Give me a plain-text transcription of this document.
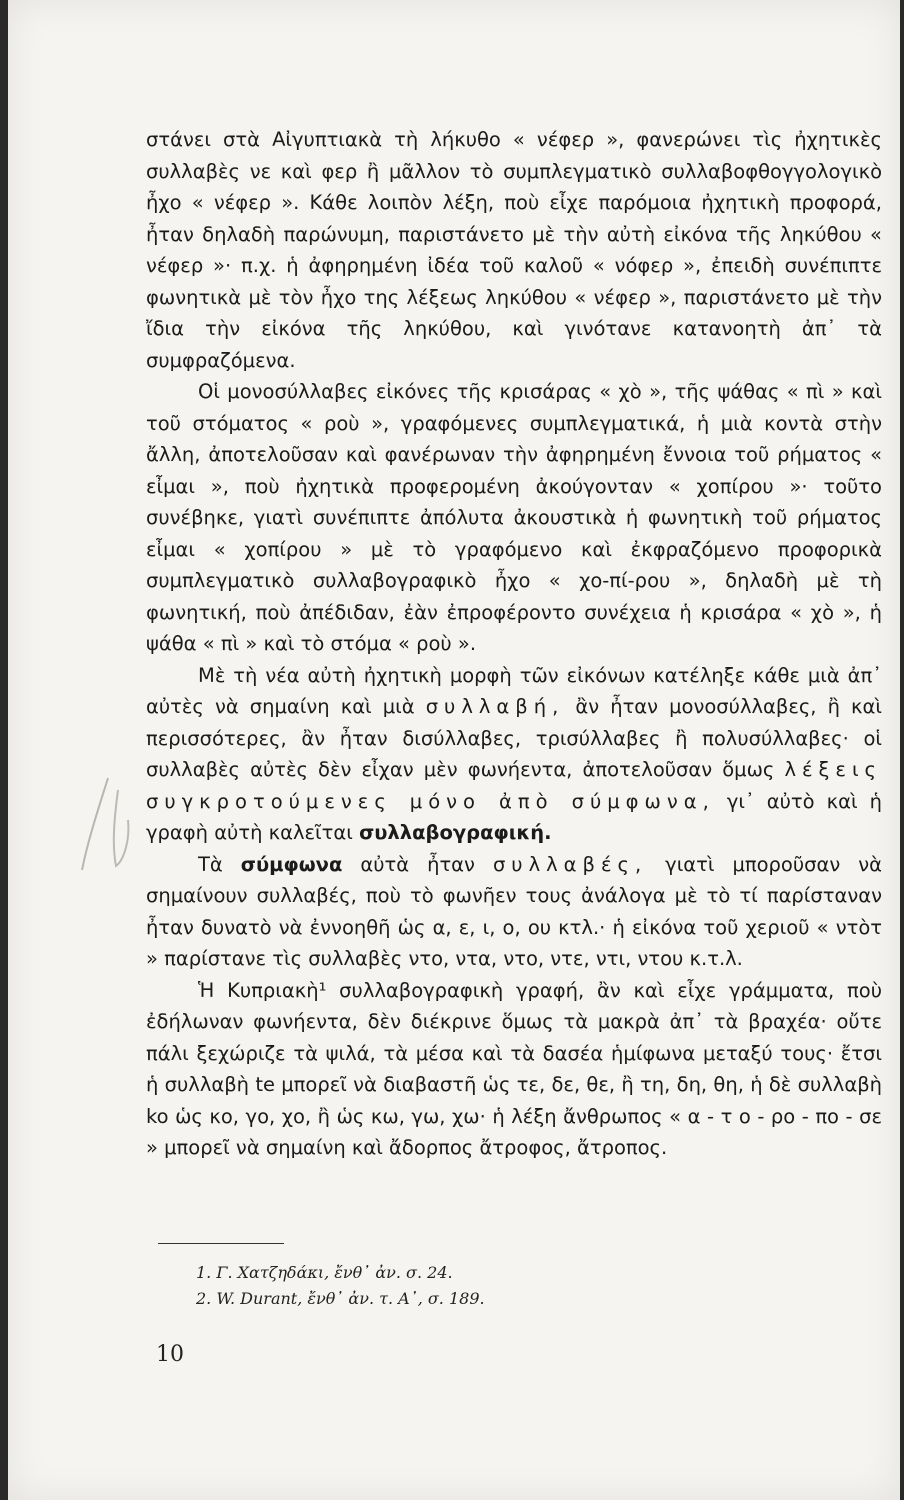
στάνει στὰ Αἰγυπτιακὰ τὴ λήκυθο « νέφερ », φανερώνει τὶς ἠχητικὲς συλλαβὲς νε καὶ φερ ἢ μᾶλλον τὸ συμπλεγματικὸ συλλαβοφθογγολογικὸ ἦχο « νέφερ ». Κάθε λοιπὸν λέξη, ποὺ εἶχε παρόμοια ἠχητικὴ προφορά, ἦταν δηλαδὴ παρώνυμη, παριστάνετο μὲ τὴν αὐτὴ εἰκόνα τῆς ληκύθου « νέφερ »· π.χ. ἡ ἀφηρημένη ἰδέα τοῦ καλοῦ « νόφερ », ἐπειδὴ συνέπιπτε φωνητικὰ μὲ τὸν ἦχο της λέξεως ληκύθου « νέφερ », παριστάνετο μὲ τὴν ἴδια τὴν εἰκόνα τῆς ληκύθου, καὶ γινότανε κατανοητὴ ἀπ᾽ τὰ συμφραζόμενα.

Οἱ μονοσύλλαβες εἰκόνες τῆς κρισάρας « χὸ », τῆς ψάθας « πὶ » καὶ τοῦ στόματος « ροὺ », γραφόμενες συμπλεγματικά, ἡ μιὰ κοντὰ στὴν ἄλλη, ἀποτελοῦσαν καὶ φανέρωναν τὴν ἀφηρημένη ἔννοια τοῦ ρήματος « εἶμαι », ποὺ ἠχητικὰ προφερομένη ἀκούγονταν « χοπίρου »· τοῦτο συνέβηκε, γιατὶ συνέπιπτε ἀπόλυτα ἀκουστικὰ ἡ φωνητικὴ τοῦ ρήματος εἶμαι « χοπίρου » μὲ τὸ γραφόμενο καὶ ἐκφραζόμενο προφορικὰ συμπλεγματικὸ συλλαβογραφικὸ ἦχο « χο-πί-ρου », δηλαδὴ μὲ τὴ φωνητική, ποὺ ἀπέδιδαν, ἐὰν ἐπροφέροντο συνέχεια ἡ κρισάρα « χὸ », ἡ ψάθα « πὶ » καὶ τὸ στόμα « ροὺ ».

Μὲ τὴ νέα αὐτὴ ἠχητικὴ μορφὴ τῶν εἰκόνων κατέληξε κάθε μιὰ ἀπ᾽ αὐτὲς νὰ σημαίνη καὶ μιὰ συλλαβή, ἂν ἦταν μονοσύλλαβες, ἢ καὶ περισσότερες, ἂν ἦταν δισύλλαβες, τρισύλλαβες ἢ πολυσύλλαβες· οἱ συλλαβὲς αὐτὲς δὲν εἶχαν μὲν φωνήεντα, ἀποτελοῦσαν ὅμως λέξεις συγκροτούμενες μόνο ἀπὸ σύμφωνα, γι᾽ αὐτὸ καὶ ἡ γραφὴ αὐτὴ καλεῖται συλλαβογραφική.

Τὰ σύμφωνα αὐτὰ ἦταν συλλαβές, γιατὶ μποροῦσαν νὰ σημαίνουν συλλαβές, ποὺ τὸ φωνῆεν τους ἀνάλογα μὲ τὸ τί παρίσταναν ἦταν δυνατὸ νὰ ἐννοηθῆ ὡς α, ε, ι, ο, ου κτλ.· ἡ εἰκόνα τοῦ χεριοῦ « ντὸτ » παρίστανε τὶς συλλαβὲς ντο, ντα, ντο, ντε, ντι, ντου κ.τ.λ.

Ἡ Κυπριακὴ¹ συλλαβογραφικὴ γραφή, ἂν καὶ εἶχε γράμματα, ποὺ ἐδήλωναν φωνήεντα, δὲν διέκρινε ὅμως τὰ μακρὰ ἀπ᾽ τὰ βραχέα· οὔτε πάλι ξεχώριζε τὰ ψιλά, τὰ μέσα καὶ τὰ δασέα ἡμίφωνα μεταξύ τους· ἔτσι ἡ συλλαβὴ te μπορεῖ νὰ διαβαστῆ ὡς τε, δε, θε, ἢ τη, δη, θη, ἡ δὲ συλλαβὴ ko ὡς κο, γο, χο, ἢ ὡς κω, γω, χω· ἡ λέξη ἄνθρωπος « α - τ ο - ρο - πο - σε » μπορεῖ νὰ σημαίνη καὶ ἄδορπος ἄτροφος, ἄτροπος.

1. Γ. Χατζηδάκι, ἔνθ᾽ ἀν. σ. 24.
2. W. Durant, ἔνθ᾽ ἀν. τ. Α᾽, σ. 189.
10
